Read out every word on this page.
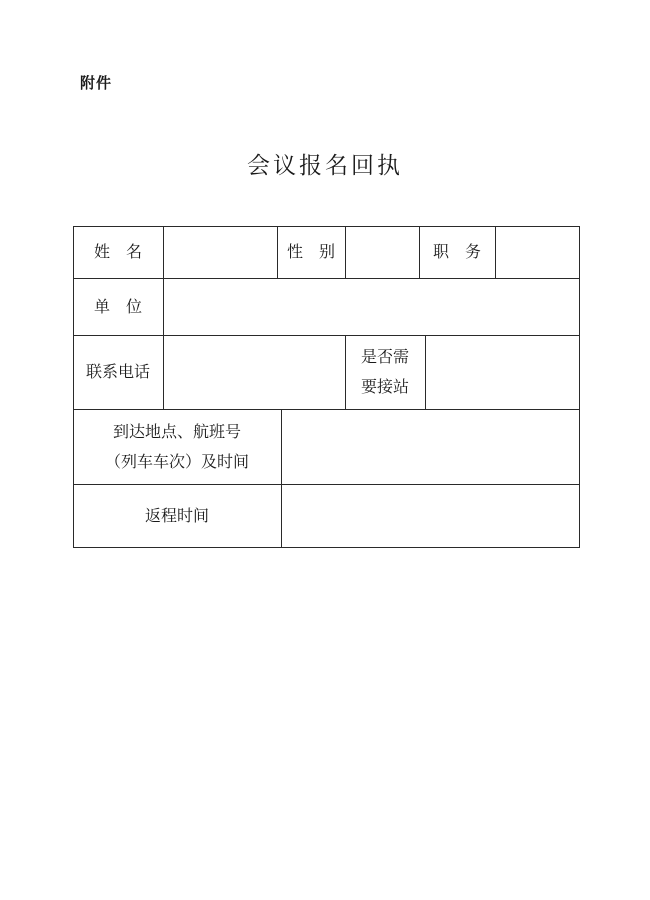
附件
会议报名回执
姓　名	性　别	职　务
单　位
联系电话
是否需
要接站
到达地点、航班号
（列车车次）及时间
返程时间
